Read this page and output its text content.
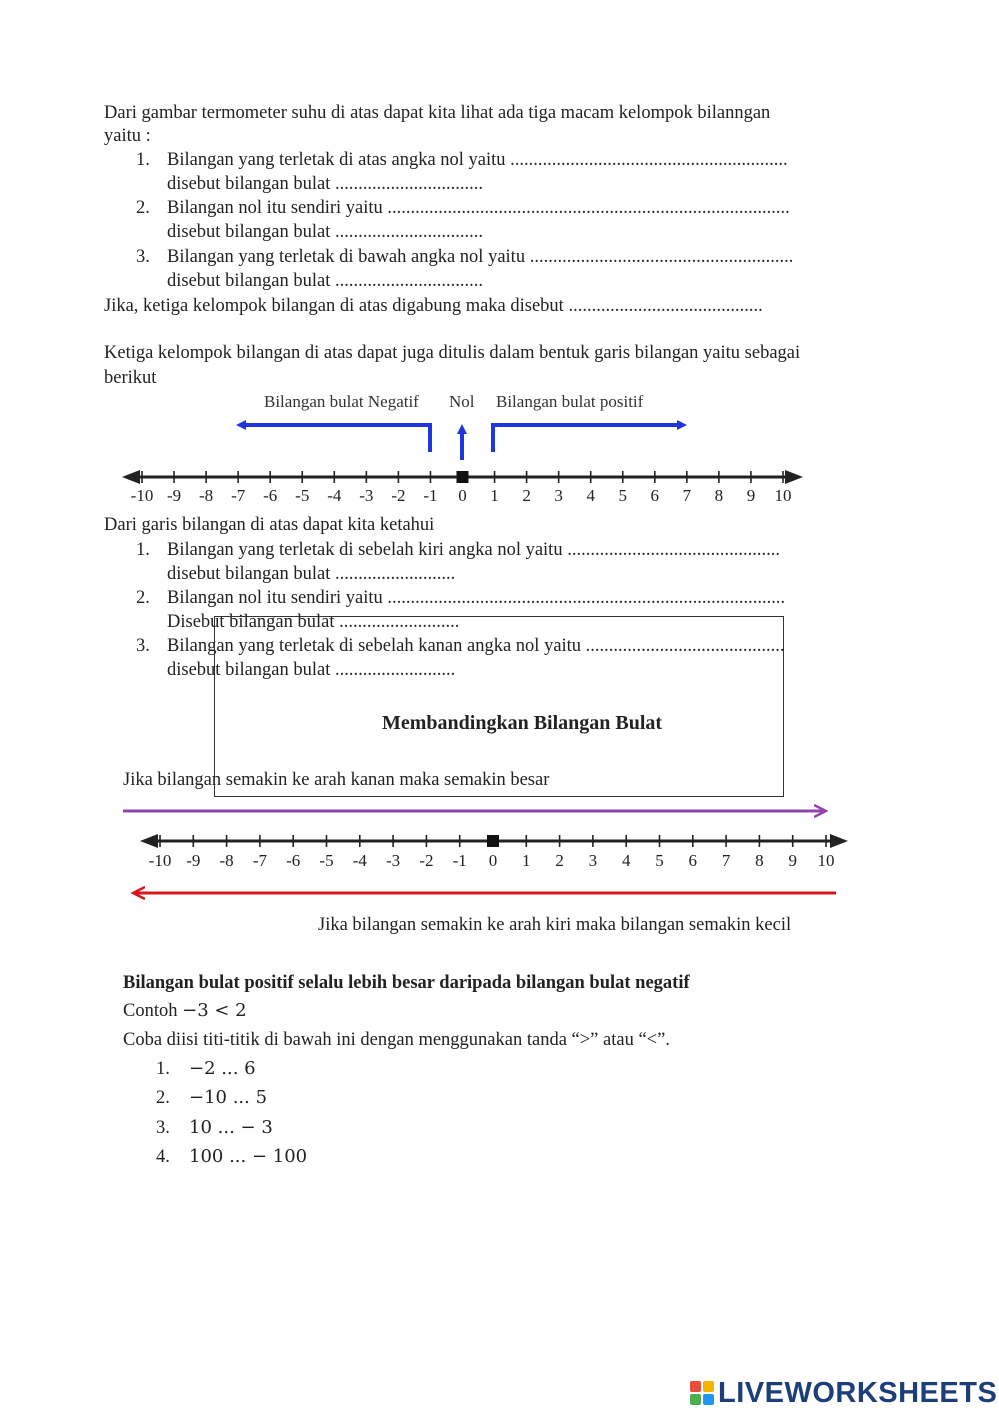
Dari gambar termometer suhu di atas dapat kita lihat ada tiga macam kelompok bilanngan
yaitu :
1. Bilangan yang terletak di atas angka nol yaitu ............................................................
disebut bilangan bulat ................................
2. Bilangan nol itu sendiri yaitu .......................................................................................
disebut bilangan bulat ................................
3. Bilangan yang terletak di bawah angka nol yaitu .........................................................
disebut bilangan bulat ................................
Jika, ketiga kelompok bilangan di atas digabung maka disebut ..........................................
Ketiga kelompok bilangan di atas dapat juga ditulis dalam bentuk garis bilangan yaitu sebagai
berikut
Bilangan bulat Negatif Nol Bilangan bulat positif
-10 -9 -8 -7 -6 -5 -4 -3 -2 -1 0 1 2 3 4 5 6 7 8 9 10
Dari garis bilangan di atas dapat kita ketahui
1. Bilangan yang terletak di sebelah kiri angka nol yaitu ..............................................
disebut bilangan bulat ..........................
2. Bilangan nol itu sendiri yaitu ......................................................................................
Disebut bilangan bulat ..........................
3. Bilangan yang terletak di sebelah kanan angka nol yaitu ...........................................
disebut bilangan bulat ..........................
Membandingkan Bilangan Bulat
Jika bilangan semakin ke arah kanan maka semakin besar
-10 -9 -8 -7 -6 -5 -4 -3 -2 -1 0 1 2 3 4 5 6 7 8 9 10
Jika bilangan semakin ke arah kiri maka bilangan semakin kecil
Bilangan bulat positif selalu lebih besar daripada bilangan bulat negatif
Contoh −3 < 2
Coba diisi titi-titik di bawah ini dengan menggunakan tanda “>” atau “<”.
1. −2 ... 6
2. −10 ... 5
3. 10 ... − 3
4. 100 ... − 100
LIVEWORKSHEETS
